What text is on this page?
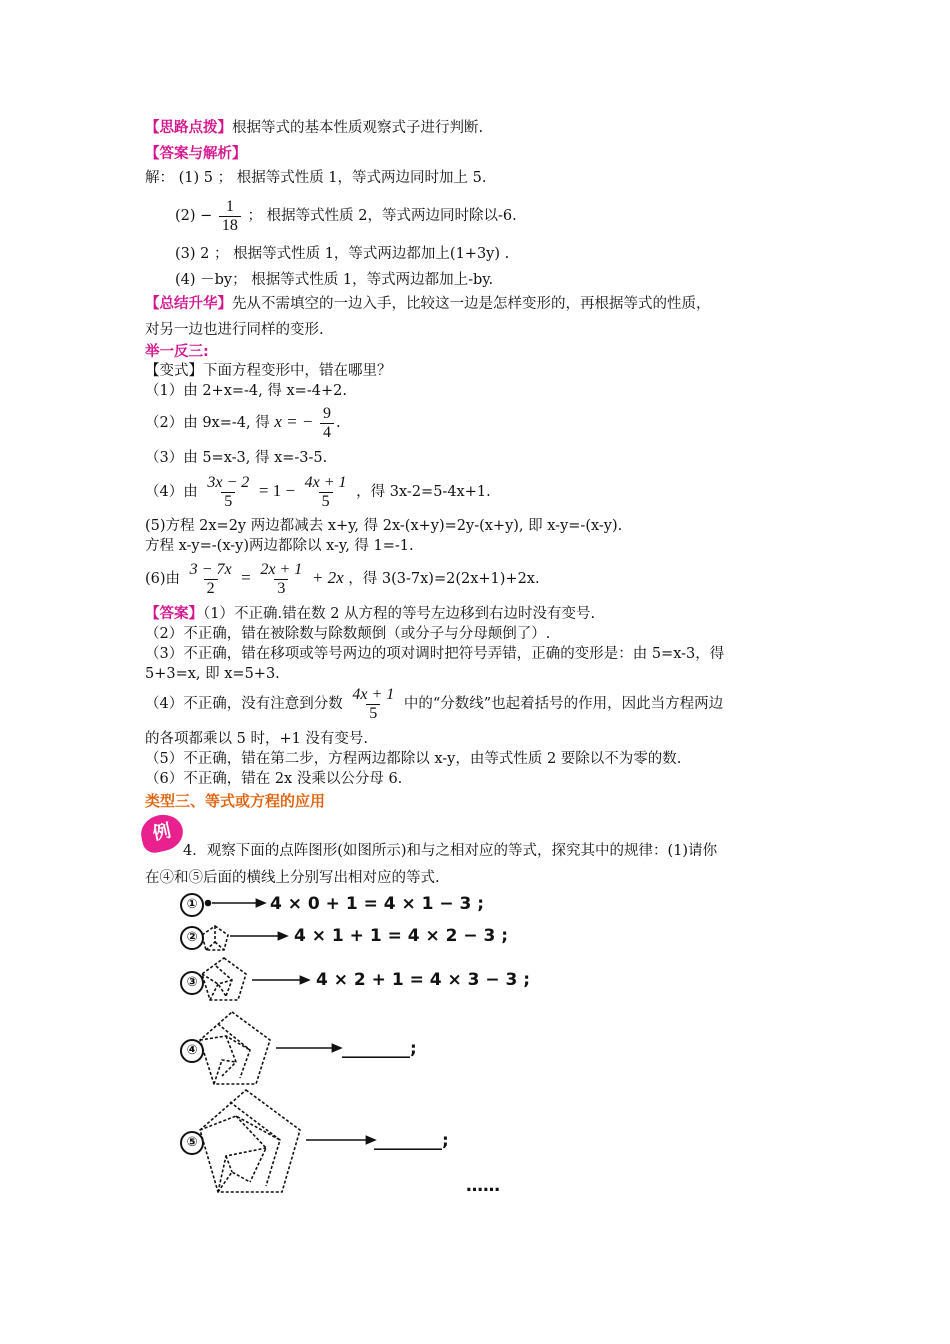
【思路点拨】根据等式的基本性质观察式子进行判断.
【答案与解析】
解： (1) 5 ； 根据等式性质 1，等式两边同时加上 5.
$(2) - \frac{1}{18}$ ； 根据等式性质 2，等式两边同时除以-6.
(3) 2 ； 根据等式性质 1，等式两边都加上(1+3y) .
(4) －by； 根据等式性质 1，等式两边都加上-by.
【总结升华】先从不需填空的一边入手，比较这一边是怎样变形的，再根据等式的性质，
对另一边也进行同样的变形.
举一反三:
【变式】下面方程变形中，错在哪里？
（1）由 2+x=-4, 得 x=-4+2.
（2）由 9x=-4, 得 x = − $\frac{9}{4}$ .
（3）由 5=x-3, 得 x=-3-5.
（4）由 $\frac{3x - 2}{5} = 1 - \frac{4x + 1}{5}$ ，得 3x-2=5-4x+1.
(5)方程 2x=2y 两边都减去 x+y, 得 2x-(x+y)=2y-(x+y), 即 x-y=-(x-y).
方程 x-y=-(x-y)两边都除以 x-y, 得 1=-1.
(6)由 $\frac{3 - 7x}{2} = \frac{2x + 1}{3} + 2x$ ，得 3(3-7x)=2(2x+1)+2x.
【答案】（1）不正确.错在数 2 从方程的等号左边移到右边时没有变号.
（2）不正确，错在被除数与除数颠倒（或分子与分母颠倒了）.
（3）不正确，错在移项或等号两边的项对调时把符号弄错，正确的变形是：由 5=x-3，得
5+3=x, 即 x=5+3.
（4）不正确，没有注意到分数 $\frac{4x + 1}{5}$ 中的“分数线”也起着括号的作用，因此当方程两边
的各项都乘以 5 时，+1 没有变号.
（5）不正确，错在第二步，方程两边都除以 x-y，由等式性质 2 要除以不为零的数.
（6）不正确，错在 2x 没乘以公分母 6.
类型三、等式或方程的应用
例
4．观察下面的点阵图形(如图所示)和与之相对应的等式，探究其中的规律：(1)请你
在④和⑤后面的横线上分别写出相对应的等式.
①
②
③
④
⑤
4 × 0 + 1 = 4 × 1 − 3 ;
4 × 1 + 1 = 4 × 2 − 3 ;
4 × 2 + 1 = 4 × 3 − 3 ;
________;
________;
……
